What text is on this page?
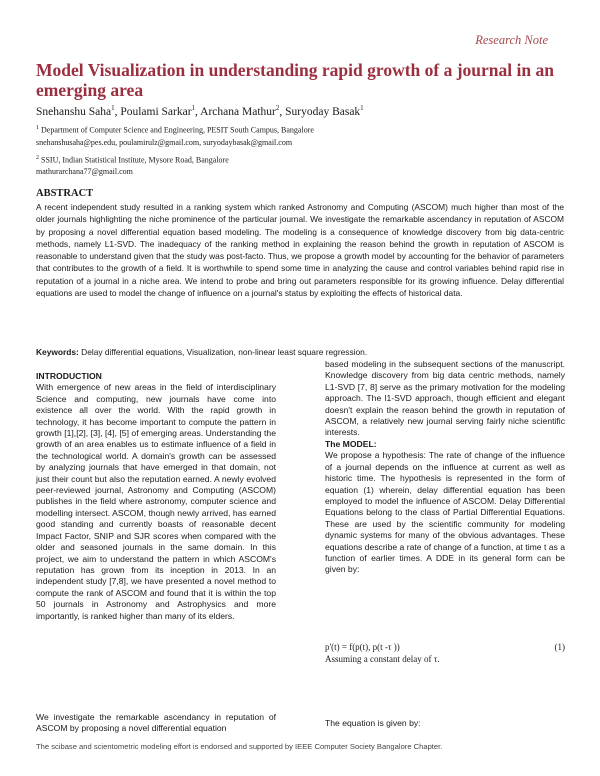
Research Note
Model Visualization in understanding rapid growth of a journal in an emerging area
Snehanshu Saha$^1$, Poulami Sarkar$^1$, Archana Mathur$^2$, Suryoday Basak$^1$
$^1$ Department of Computer Science and Engineering, PESIT South Campus, Bangalore
snehanshusaha@pes.edu, poulamirulz@gmail.com, suryodaybasak@gmail.com
$^2$ SSIU, Indian Statistical Institute, Mysore Road, Bangalore
mathurarchana77@gmail.com
ABSTRACT

A recent independent study resulted in a ranking system which ranked Astronomy and Computing (ASCOM) much higher than most of the older journals highlighting the niche prominence of the particular journal. We investigate the remarkable ascendancy in reputation of ASCOM by proposing a novel differential equation based modeling. The modeling is a consequence of knowledge discovery from big data-centric methods, namely L1-SVD. The inadequacy of the ranking method in explaining the reason behind the growth in reputation of ASCOM is reasonable to understand given that the study was post-facto. Thus, we propose a growth model by accounting for the behavior of parameters that contributes to the growth of a field. It is worthwhile to spend some time in analyzing the cause and control variables behind rapid rise in reputation of a journal in a niche area. We intend to probe and bring out parameters responsible for its growing influence. Delay differential equations are used to model the change of influence on a journal's status by exploiting the effects of historical data.

Keywords: Delay differential equations, Visualization, non-linear least square regression.

INTRODUCTION

With emergence of new areas in the field of interdisciplinary Science and computing, new journals have come into existence all over the world. With the rapid growth in technology, it has become important to compute the pattern in growth [1],[2], [3], [4], [5] of emerging areas. Understanding the growth of an area enables us to estimate influence of a field in the technological world. A domain's growth can be assessed by analyzing journals that have emerged in that domain, not just their count but also the reputation earned. A newly evolved peer-reviewed journal, Astronomy and Computing (ASCOM) publishes in the field where astronomy, computer science and modelling intersect. ASCOM, though newly arrived, has earned good standing and currently boasts of reasonable decent Impact Factor, SNIP and SJR scores when compared with the older and seasoned journals in the same domain. In this project, we aim to understand the pattern in which ASCOM's reputation has grown from its inception in 2013. In an independent study [7,8], we have presented a novel method to compute the rank of ASCOM and found that it is within the top 50 journals in Astronomy and Astrophysics and more importantly, is ranked higher than many of its elders.

We investigate the remarkable ascendancy in reputation of ASCOM by proposing a novel differential equation

based modeling in the subsequent sections of the manuscript. Knowledge discovery from big data centric methods, namely L1-SVD [7, 8] serve as the primary motivation for the modeling approach. The l1-SVD approach, though efficient and elegant doesn't explain the reason behind the growth in reputation of ASCOM, a relatively new journal serving fairly niche scientific interests.

The MODEL:

We propose a hypothesis: The rate of change of the influence of a journal depends on the influence at current as well as historic time. The hypothesis is represented in the form of equation (1) wherein, delay differential equation has been employed to model the influence of ASCOM. Delay Differential Equations belong to the class of Partial Differential Equations. These are used by the scientific community for modeling dynamic systems for many of the obvious advantages. These equations describe a rate of change of a function, at time t as a function of earlier times. A DDE in its general form can be given by:

p'(t) = f(p(t), p(t -τ ))	(1)
Assuming a constant delay of τ.

The equation is given by:

The scibase and scientometric modeling effort is endorsed and supported by IEEE Computer Society Bangalore Chapter.
